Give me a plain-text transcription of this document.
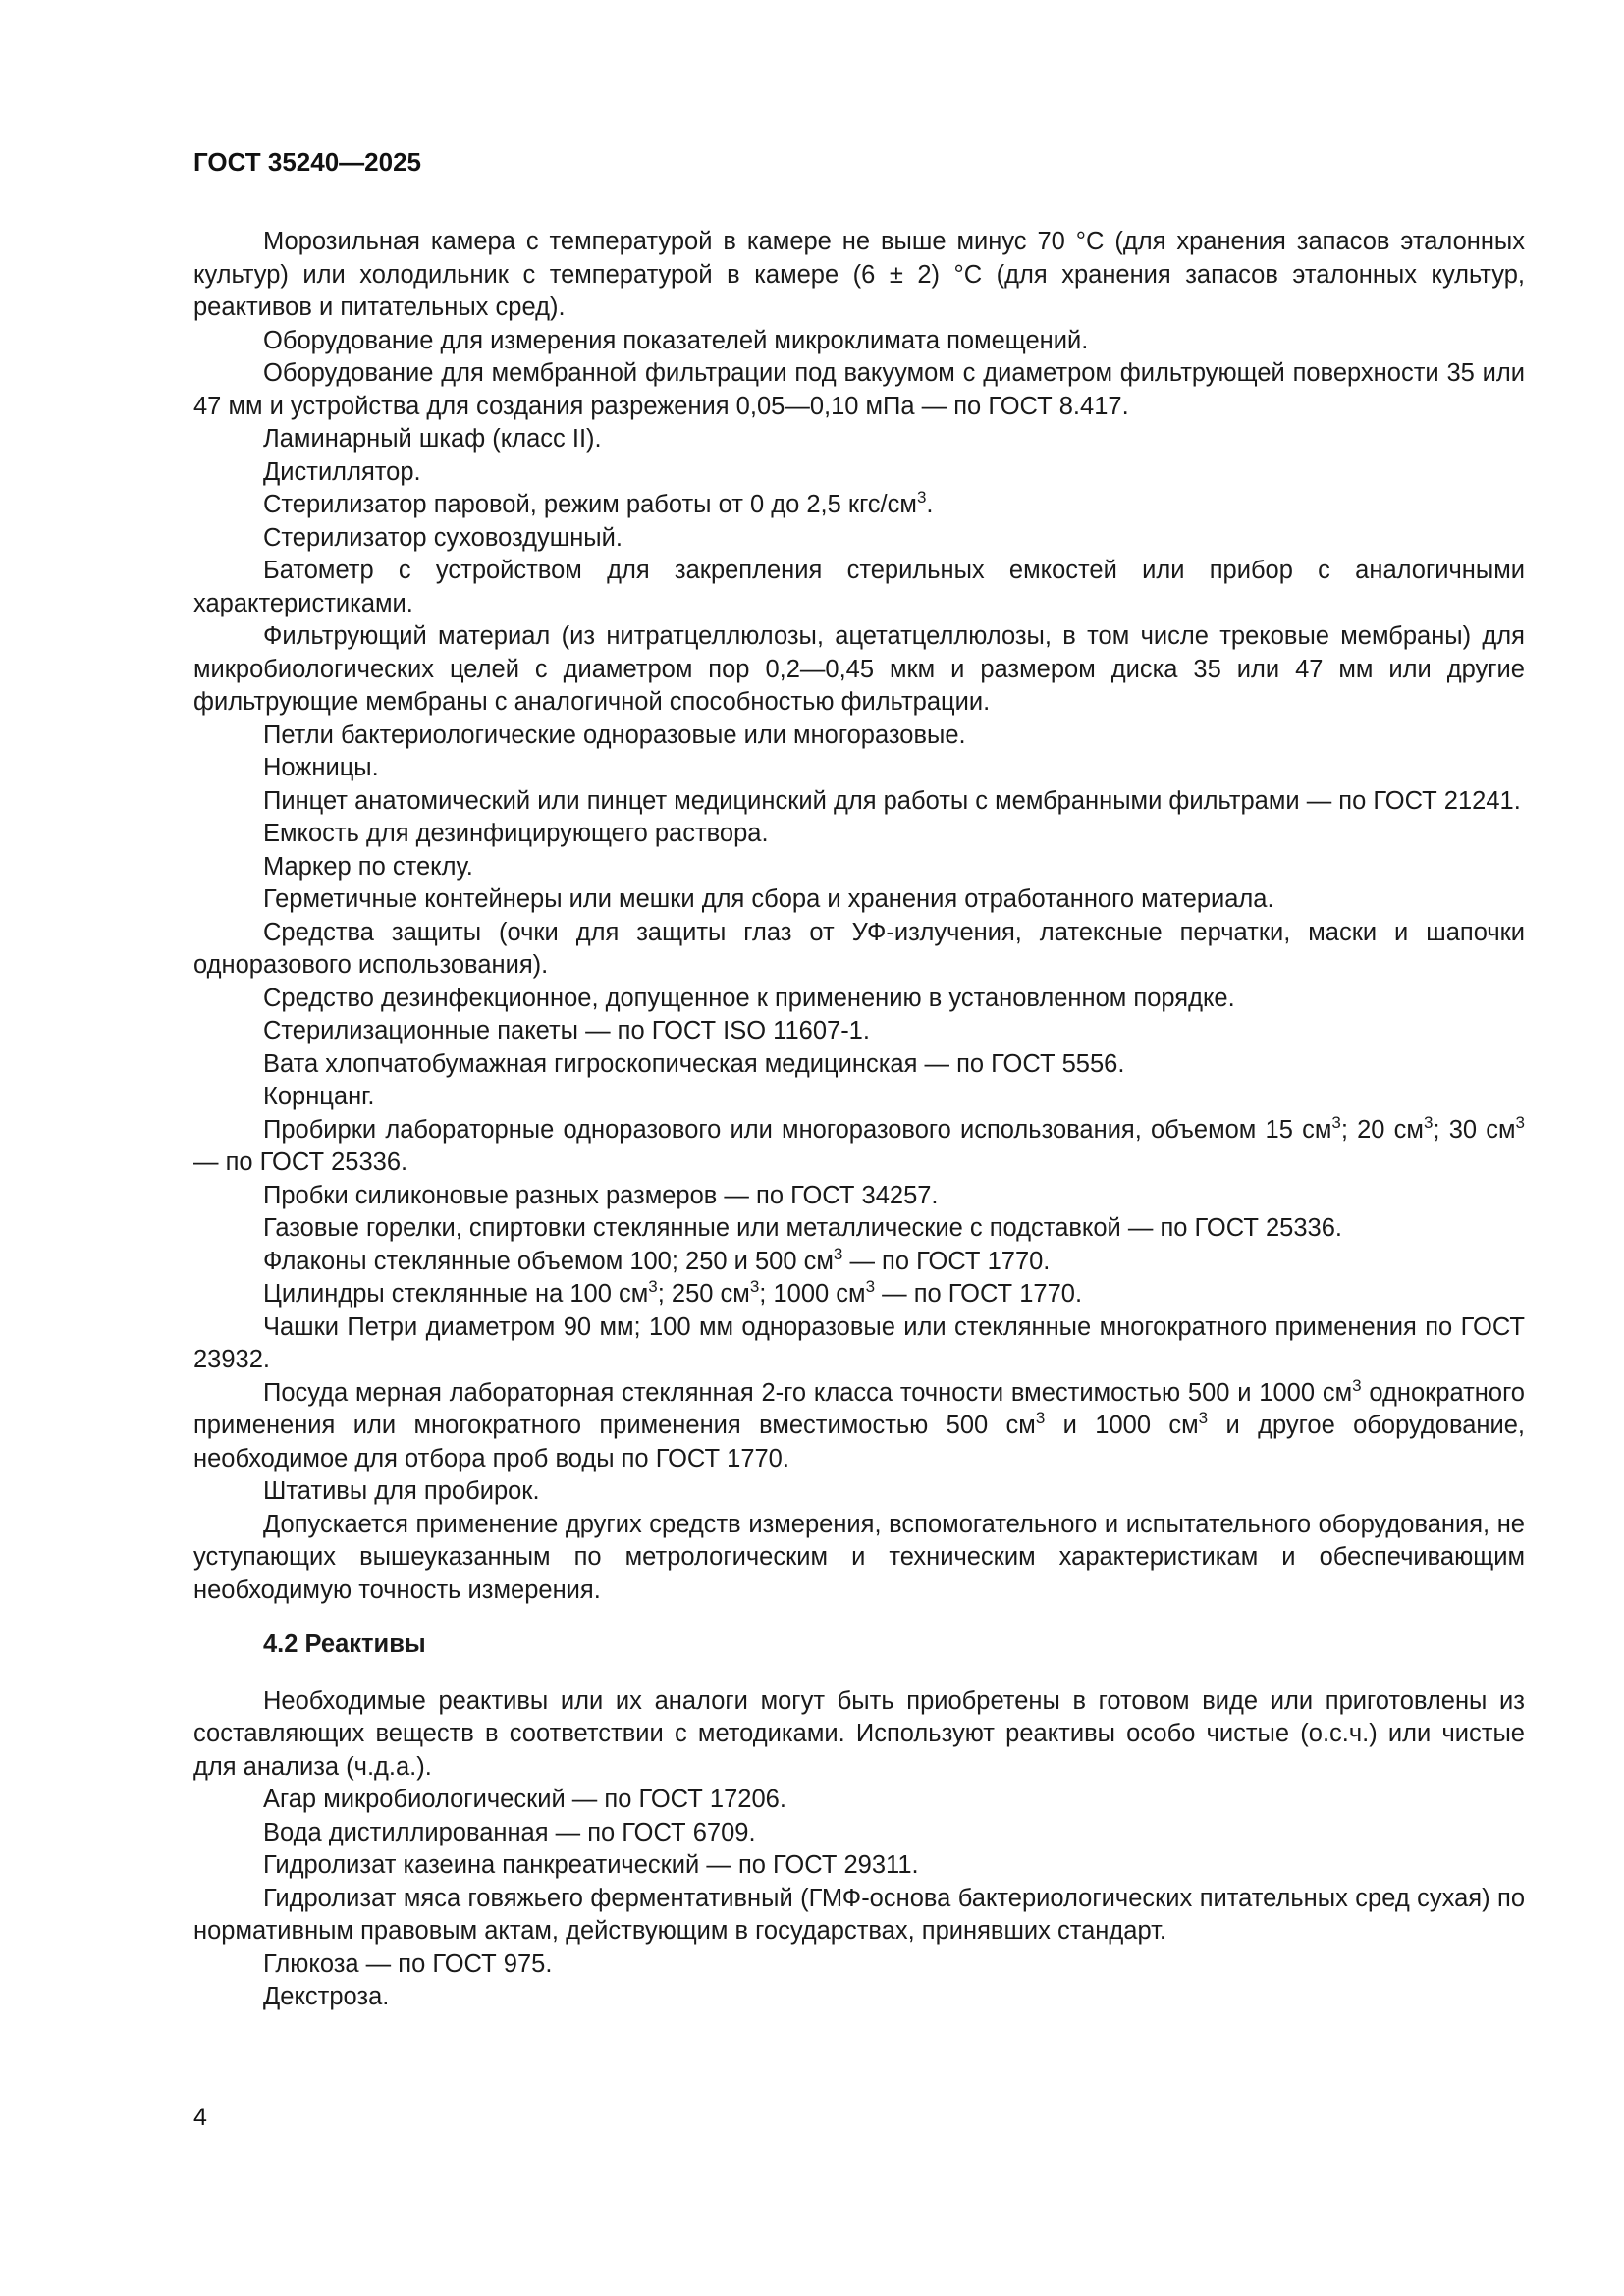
ГОСТ 35240—2025

Морозильная камера с температурой в камере не выше минус 70 °С (для хранения запасов эталонных культур) или холодильник с температурой в камере (6 ± 2) °С (для хранения запасов эталонных культур, реактивов и питательных сред).

Оборудование для измерения показателей микроклимата помещений.

Оборудование для мембранной фильтрации под вакуумом с диаметром фильтрующей поверхности 35 или 47 мм и устройства для создания разрежения 0,05—0,10 мПа — по ГОСТ 8.417.

Ламинарный шкаф (класс II).

Дистиллятор.

Стерилизатор паровой, режим работы от 0 до 2,5 кгс/$см^3$.

Стерилизатор суховоздушный.

Батометр с устройством для закрепления стерильных емкостей или прибор с аналогичными характеристиками.

Фильтрующий материал (из нитратцеллюлозы, ацетатцеллюлозы, в том числе трековые мембраны) для микробиологических целей с диаметром пор 0,2—0,45 мкм и размером диска 35 или 47 мм или другие фильтрующие мембраны с аналогичной способностью фильтрации.

Петли бактериологические одноразовые или многоразовые.

Ножницы.

Пинцет анатомический или пинцет медицинский для работы с мембранными фильтрами — по ГОСТ 21241.

Емкость для дезинфицирующего раствора.

Маркер по стеклу.

Герметичные контейнеры или мешки для сбора и хранения отработанного материала.

Средства защиты (очки для защиты глаз от УФ-излучения, латексные перчатки, маски и шапочки одноразового использования).

Средство дезинфекционное, допущенное к применению в установленном порядке.

Стерилизационные пакеты — по ГОСТ ISO 11607-1.

Вата хлопчатобумажная гигроскопическая медицинская — по ГОСТ 5556.

Корнцанг.

Пробирки лабораторные одноразового или многоразового использования, объемом 15 $см^3$; 20 $см^3$; 30 $см^3$ — по ГОСТ 25336.

Пробки силиконовые разных размеров — по ГОСТ 34257.

Газовые горелки, спиртовки стеклянные или металлические с подставкой — по ГОСТ 25336.

Флаконы стеклянные объемом 100; 250 и 500 $см^3$ — по ГОСТ 1770.

Цилиндры стеклянные на 100 $см^3$; 250 $см^3$; 1000 $см^3$ — по ГОСТ 1770.

Чашки Петри диаметром 90 мм; 100 мм одноразовые или стеклянные многократного применения по ГОСТ 23932.

Посуда мерная лабораторная стеклянная 2-го класса точности вместимостью 500 и 1000 $см^3$ однократного применения или многократного применения вместимостью 500 $см^3$ и 1000 $см^3$ и другое оборудование, необходимое для отбора проб воды по ГОСТ 1770.

Штативы для пробирок.

Допускается применение других средств измерения, вспомогательного и испытательного оборудования, не уступающих вышеуказанным по метрологическим и техническим характеристикам и обеспечивающим необходимую точность измерения.

4.2 Реактивы

Необходимые реактивы или их аналоги могут быть приобретены в готовом виде или приготовлены из составляющих веществ в соответствии с методиками. Используют реактивы особо чистые (о.с.ч.) или чистые для анализа (ч.д.а.).

Агар микробиологический — по ГОСТ 17206.

Вода дистиллированная — по ГОСТ 6709.

Гидролизат казеина панкреатический — по ГОСТ 29311.

Гидролизат мяса говяжьего ферментативный (ГМФ-основа бактериологических питательных сред сухая) по нормативным правовым актам, действующим в государствах, принявших стандарт.

Глюкоза — по ГОСТ 975.

Декстроза.

4
